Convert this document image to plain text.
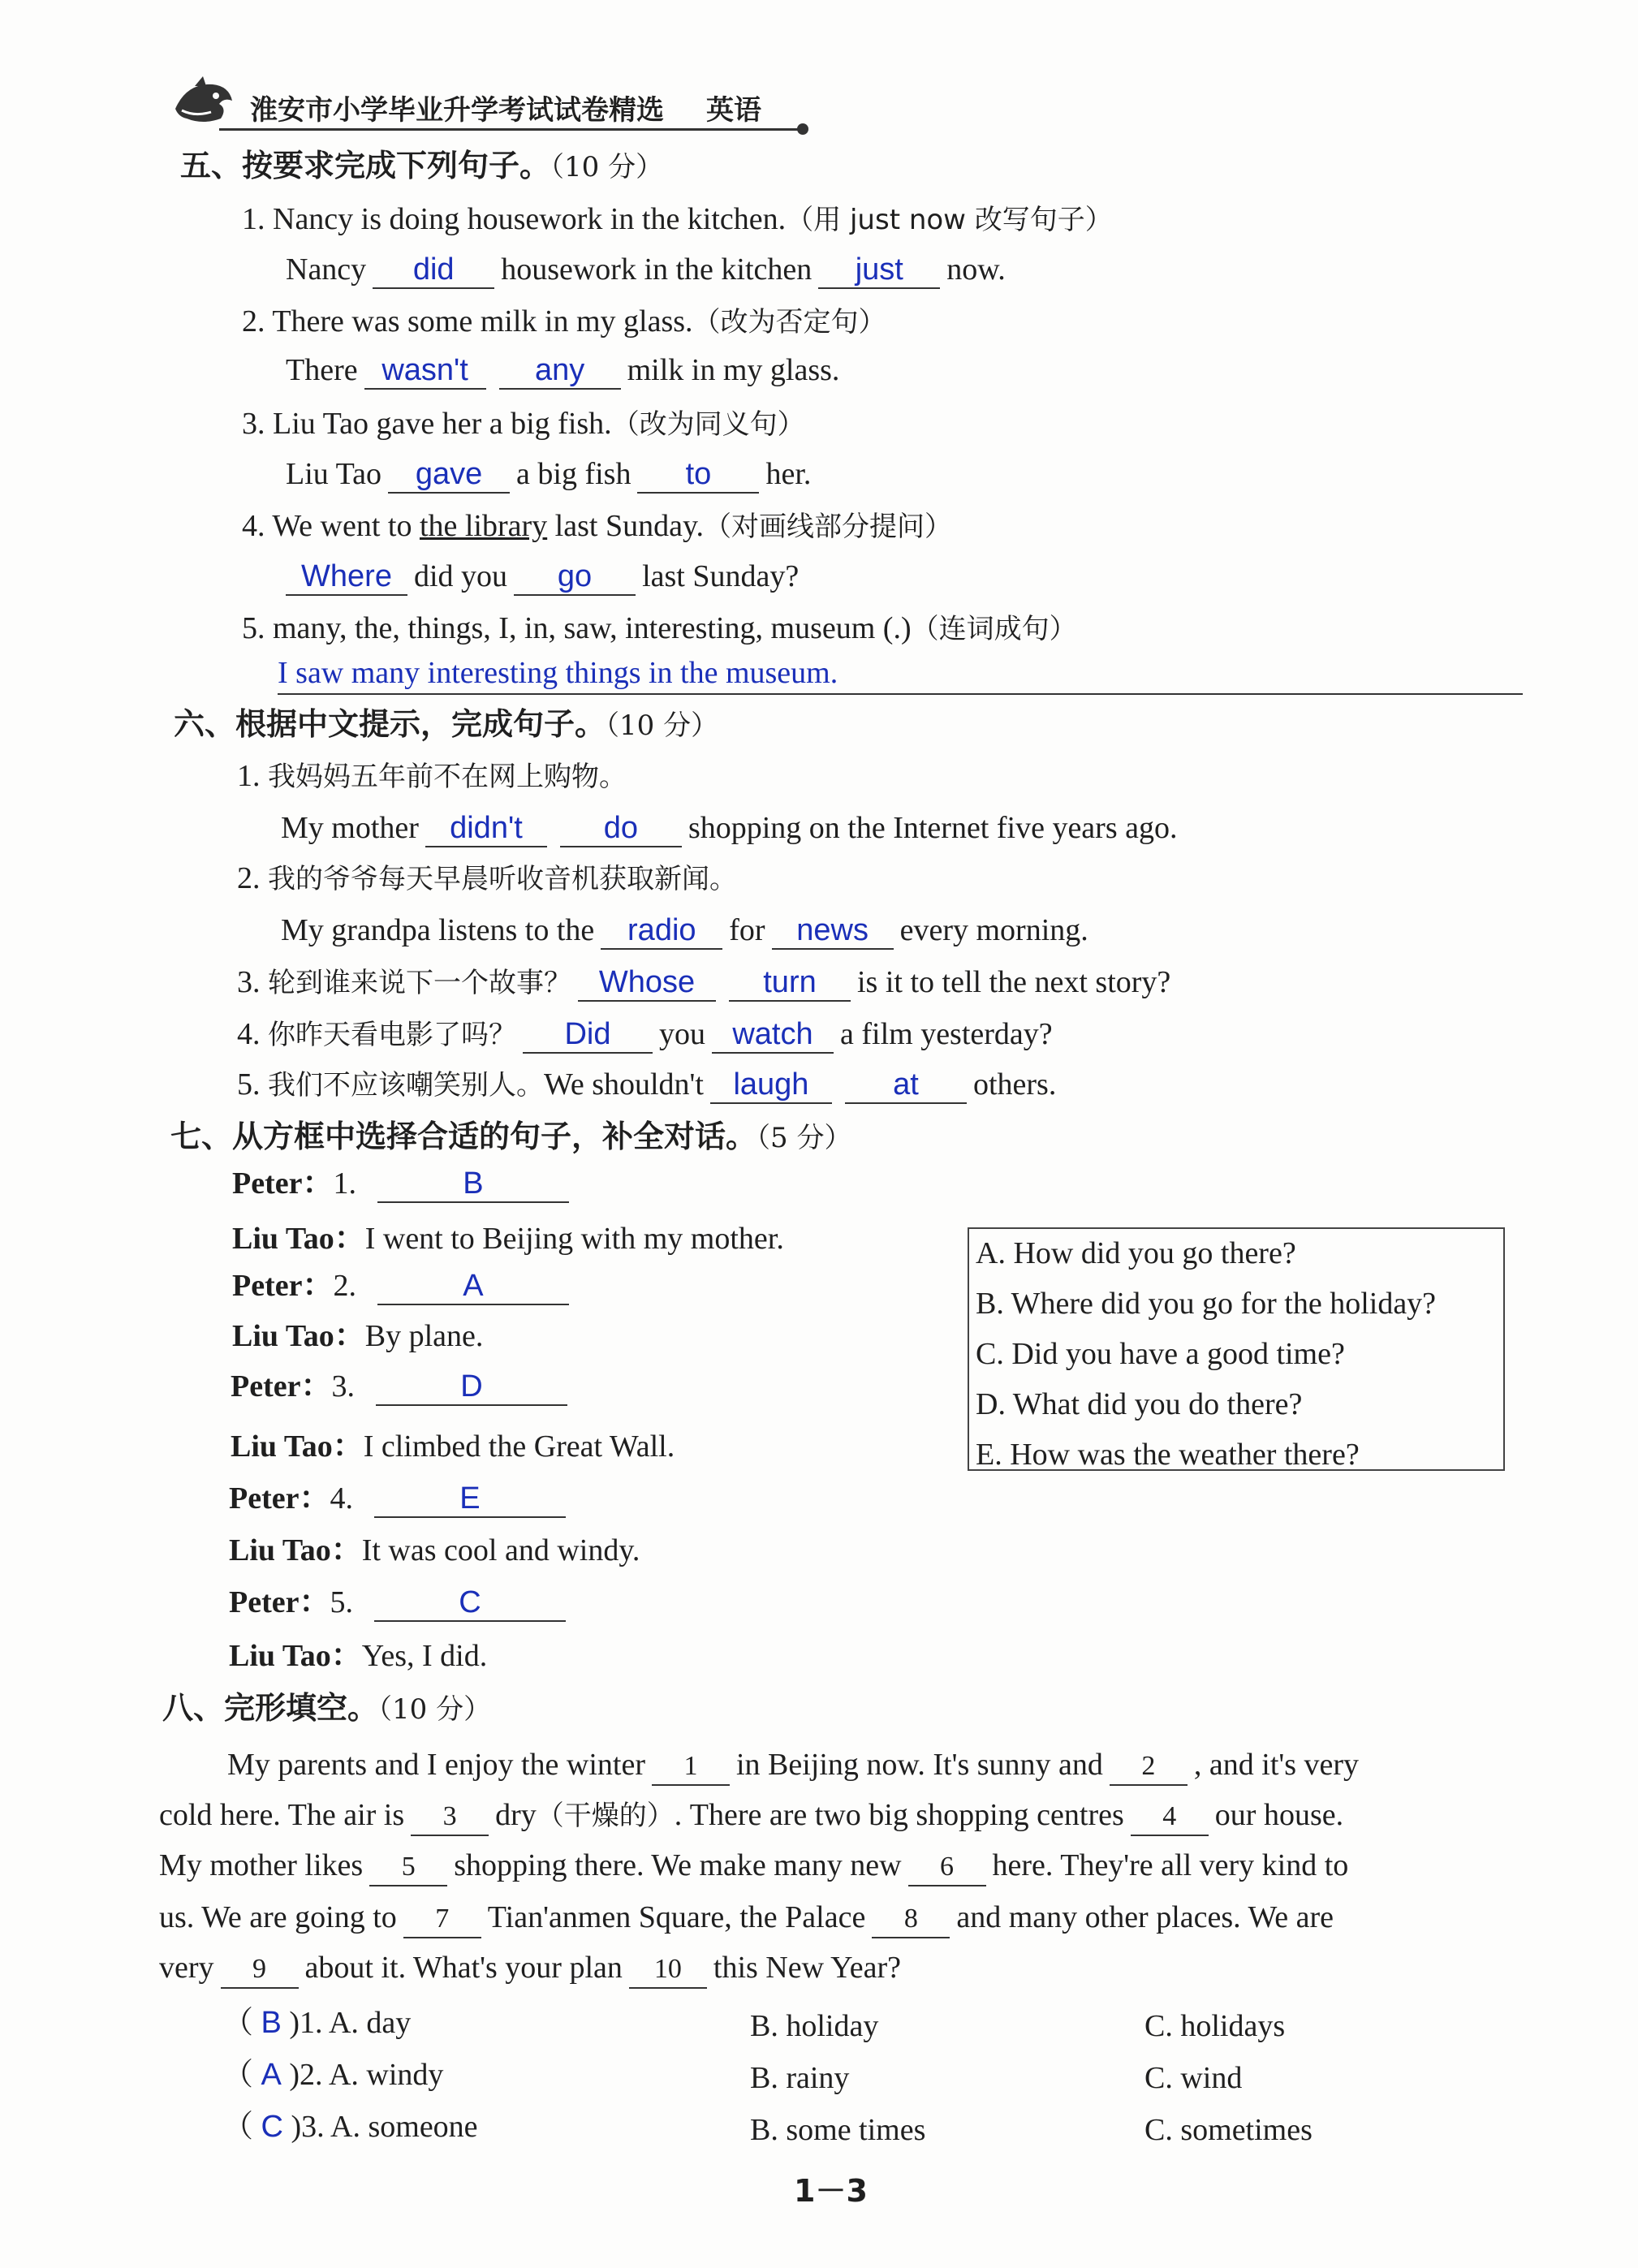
淮安市小学毕业升学考试试卷精选 英语
五、按要求完成下列句子。（10 分）
1. Nancy is doing housework in the kitchen.（用 just now 改写句子）
Nancy did housework in the kitchen just now.
2. There was some milk in my glass.（改为否定句）
There wasn't any milk in my glass.
3. Liu Tao gave her a big fish.（改为同义句）
Liu Tao gave a big fish to her.
4. We went to the library last Sunday.（对画线部分提问）
Where did you go last Sunday?
5. many, the, things, I, in, saw, interesting, museum (.)（连词成句）
I saw many interesting things in the museum.
六、根据中文提示，完成句子。（10 分）
1. 我妈妈五年前不在网上购物。
My mother didn't	do shopping on the Internet five years ago.
2. 我的爷爷每天早晨听收音机获取新闻。
My grandpa listens to the radio for news every morning.
3. 轮到谁来说下一个故事？ Whose turn is it to tell the next story?
4. 你昨天看电影了吗？ Did you watch a film yesterday?
5. 我们不应该嘲笑别人。We shouldn't laugh	at others.
七、从方框中选择合适的句子，补全对话。（5 分）
Peter：1.	B
Liu Tao：I went to Beijing with my mother.
Peter：2.	A
Liu Tao：By plane.
Peter：3.	D
Liu Tao：I climbed the Great Wall.
Peter：4.	E
Liu Tao：It was cool and windy.
Peter：5.	C
Liu Tao：Yes, I did.
A. How did you go there?
B. Where did you go for the holiday?
C. Did you have a good time?
D. What did you do there?
E. How was the weather there?
八、完形填空。（10 分）
My parents and I enjoy the winter 1 in Beijing now. It's sunny and 2 , and it's very
cold here. The air is 3 dry（干燥的）. There are two big shopping centres 4 our house.
My mother likes 5 shopping there. We make many new 6 here. They're all very kind to
us. We are going to 7 Tian'anmen Square, the Palace 8 and many other places. We are
very 9 about it. What's your plan 10 this New Year?
（ B )1. A. day	B. holiday	C. holidays
（ A )2. A. windy	B. rainy	C. wind
（ C )3. A. someone	B. some times	C. sometimes
1－3
